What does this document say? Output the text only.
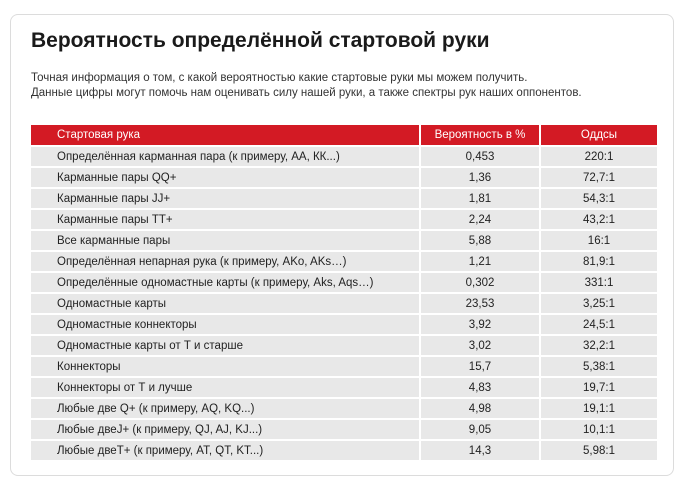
Вероятность определённой стартовой руки
Точная информация о том, с какой вероятностью какие стартовые руки мы можем получить.
Данные цифры могут помочь нам оценивать силу нашей руки, а также спектры рук наших оппонентов.
Стартовая рука	Вероятность в %	Оддсы
Определённая карманная пара (к примеру, АА, КК...)	0,453	220:1
Карманные пары QQ+	1,36	72,7:1
Карманные пары JJ+	1,81	54,3:1
Карманные пары TT+	2,24	43,2:1
Все карманные пары	5,88	16:1
Определённая непарная рука (к примеру, AKo, AKs…)	1,21	81,9:1
Определённые одномастные карты (к примеру, Aks, Aqs…)	0,302	331:1
Одномастные карты	23,53	3,25:1
Одномастные коннекторы	3,92	24,5:1
Одномастные карты от Т и старше	3,02	32,2:1
Коннекторы	15,7	5,38:1
Коннекторы от Т и лучше	4,83	19,7:1
Любые две Q+ (к примеру, AQ, KQ...)	4,98	19,1:1
Любые двеJ+ (к примеру, QJ, AJ, KJ...)	9,05	10,1:1
Любые двеT+ (к примеру, AT, QT, KT...)	14,3	5,98:1
